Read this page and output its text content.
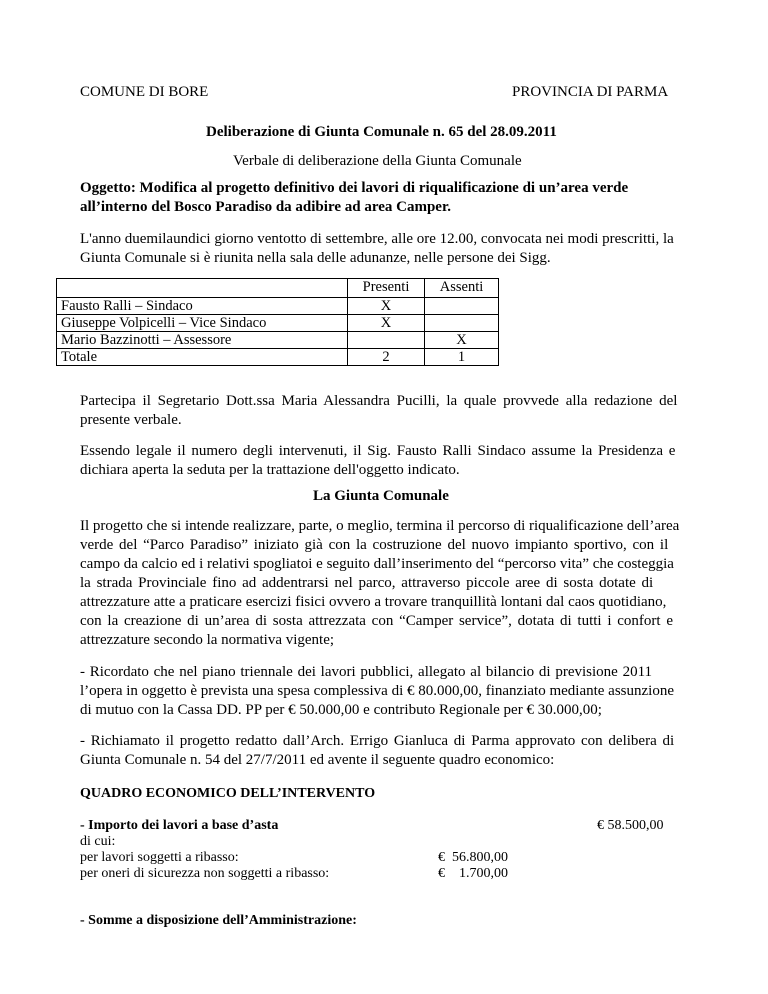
COMUNE DI BORE	PROVINCIA DI PARMA
Deliberazione di Giunta Comunale n. 65 del 28.09.2011
Verbale di deliberazione della Giunta Comunale
Oggetto: Modifica al progetto definitivo dei lavori di riqualificazione di un’area verde
all’interno del Bosco Paradiso da adibire ad area Camper.
L'anno duemilaundici giorno ventotto di settembre, alle ore 12.00, convocata nei modi prescritti, la
Giunta Comunale si è riunita nella sala delle adunanze, nelle persone dei Sigg.
	Presenti	Assenti
Fausto Ralli – Sindaco	X	
Giuseppe Volpicelli – Vice Sindaco	X	
Mario Bazzinotti – Assessore		X
Totale	2	1
Partecipa il Segretario Dott.ssa Maria Alessandra Pucilli, la quale provvede alla redazione del
presente verbale.
Essendo legale il numero degli intervenuti, il Sig. Fausto Ralli Sindaco assume la Presidenza e
dichiara aperta la seduta per la trattazione dell'oggetto indicato.
La Giunta Comunale
Il progetto che si intende realizzare, parte, o meglio, termina il percorso di riqualificazione dell’area
verde del “Parco Paradiso” iniziato già con la costruzione del nuovo impianto sportivo, con il
campo da calcio ed i relativi spogliatoi e seguito dall’inserimento del “percorso vita” che costeggia
la strada Provinciale fino ad addentrarsi nel parco, attraverso piccole aree di sosta dotate di
attrezzature atte a praticare esercizi fisici ovvero a trovare tranquillità lontani dal caos quotidiano,
con la creazione di un’area di sosta attrezzata con “Camper service”, dotata di tutti i confort e
attrezzature secondo la normativa vigente;
- Ricordato che nel piano triennale dei lavori pubblici, allegato al bilancio di previsione 2011
l’opera in oggetto è prevista una spesa complessiva di € 80.000,00, finanziato mediante assunzione
di mutuo con la Cassa DD. PP per € 50.000,00 e contributo Regionale per € 30.000,00;
- Richiamato il progetto redatto dall’Arch. Errigo Gianluca di Parma approvato con delibera di
Giunta Comunale n. 54 del 27/7/2011 ed avente il seguente quadro economico:
QUADRO ECONOMICO DELL’INTERVENTO
- Importo dei lavori a base d’asta	€ 58.500,00
di cui:
per lavori soggetti a ribasso:	€  56.800,00
per oneri di sicurezza non soggetti a ribasso:	€    1.700,00
- Somme a disposizione dell’Amministrazione:
